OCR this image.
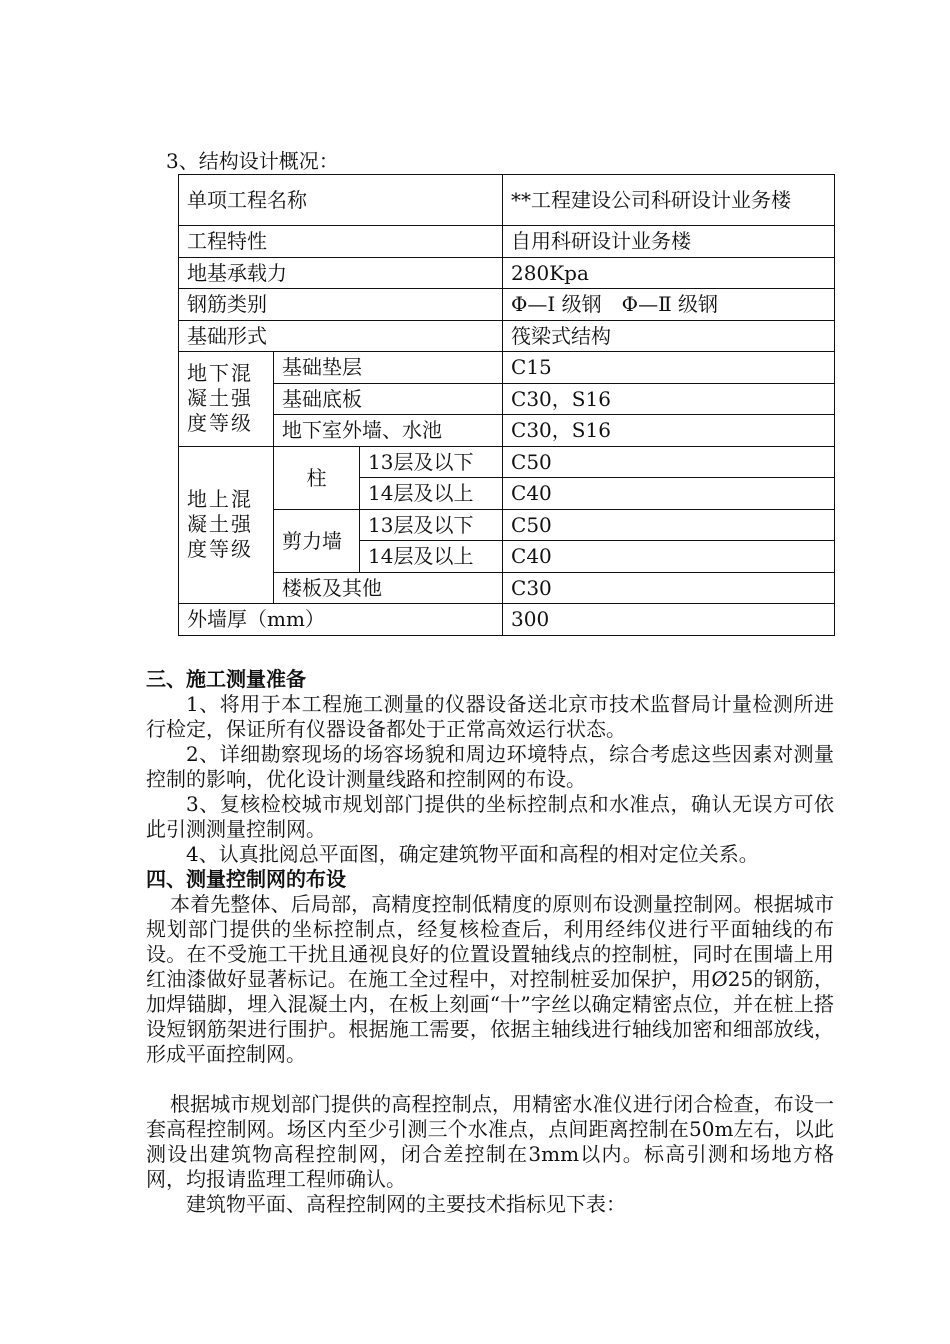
3、结构设计概况：
单项工程名称			**工程建设公司科研设计业务楼
工程特性			自用科研设计业务楼
地基承载力			280Kpa
钢筋类别			Φ—Ⅰ 级钢　Φ—Ⅱ 级钢
基础形式			筏梁式结构
地下混凝土强度等级	基础垫层		C15
	基础底板		C30，S16
	地下室外墙、水池		C30，S16
地上混凝土强度等级	柱	13层及以下	C50
		14层及以上	C40
	剪力墙	13层及以下	C50
		14层及以上	C40
	楼板及其他		C30
外墙厚（mm）			300
三、施工测量准备
1、将用于本工程施工测量的仪器设备送北京市技术监督局计量检测所进行检定，保证所有仪器设备都处于正常高效运行状态。
2、详细勘察现场的场容场貌和周边环境特点，综合考虑这些因素对测量控制的影响，优化设计测量线路和控制网的布设。
3、复核检校城市规划部门提供的坐标控制点和水准点，确认无误方可依此引测测量控制网。
4、认真批阅总平面图，确定建筑物平面和高程的相对定位关系。
四、测量控制网的布设
本着先整体、后局部，高精度控制低精度的原则布设测量控制网。根据城市规划部门提供的坐标控制点，经复核检查后，利用经纬仪进行平面轴线的布设。在不受施工干扰且通视良好的位置设置轴线点的控制桩，同时在围墙上用红油漆做好显著标记。在施工全过程中，对控制桩妥加保护，用Ø25的钢筋，加焊锚脚，埋入混凝土内，在板上刻画“十”字丝以确定精密点位，并在桩上搭设短钢筋架进行围护。根据施工需要，依据主轴线进行轴线加密和细部放线，形成平面控制网。
根据城市规划部门提供的高程控制点，用精密水准仪进行闭合检查，布设一套高程控制网。场区内至少引测三个水准点，点间距离控制在50m左右，以此测设出建筑物高程控制网，闭合差控制在3mm以内。标高引测和场地方格网，均报请监理工程师确认。
建筑物平面、高程控制网的主要技术指标见下表：
